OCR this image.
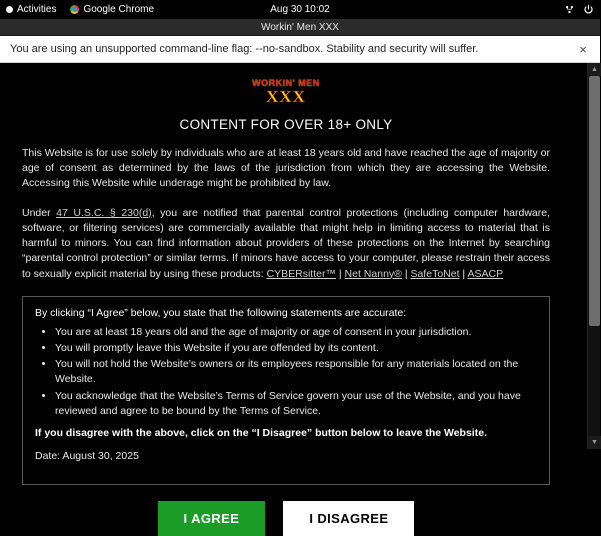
Activities	Google Chrome	Aug 30 10:02
Workin' Men XXX
You are using an unsupported command-line flag: --no-sandbox. Stability and security will suffer.	×
WORKIN' MEN
XXX
CONTENT FOR OVER 18+ ONLY

This Website is for use solely by individuals who are at least 18 years old and have reached the age of majority or age of consent as determined by the laws of the jurisdiction from which they are accessing the Website. Accessing this Website while underage might be prohibited by law.

Under 47 U.S.C. § 230(d), you are notified that parental control protections (including computer hardware, software, or filtering services) are commercially available that might help in limiting access to material that is harmful to minors. You can find information about providers of these protections on the Internet by searching “parental control protection” or similar terms. If minors have access to your computer, please restrain their access to sexually explicit material by using these products: CYBERsitter™ | Net Nanny® | SafeToNet | ASACP

By clicking “I Agree” below, you state that the following statements are accurate:

• You are at least 18 years old and the age of majority or age of consent in your jurisdiction.
• You will promptly leave this Website if you are offended by its content.
• You will not hold the Website’s owners or its employees responsible for any materials located on the Website.
• You acknowledge that the Website’s Terms of Service govern your use of the Website, and you have reviewed and agree to be bound by the Terms of Service.

If you disagree with the above, click on the “I Disagree” button below to leave the Website.

Date: August 30, 2025

I AGREE	I DISAGREE
▲
▼
